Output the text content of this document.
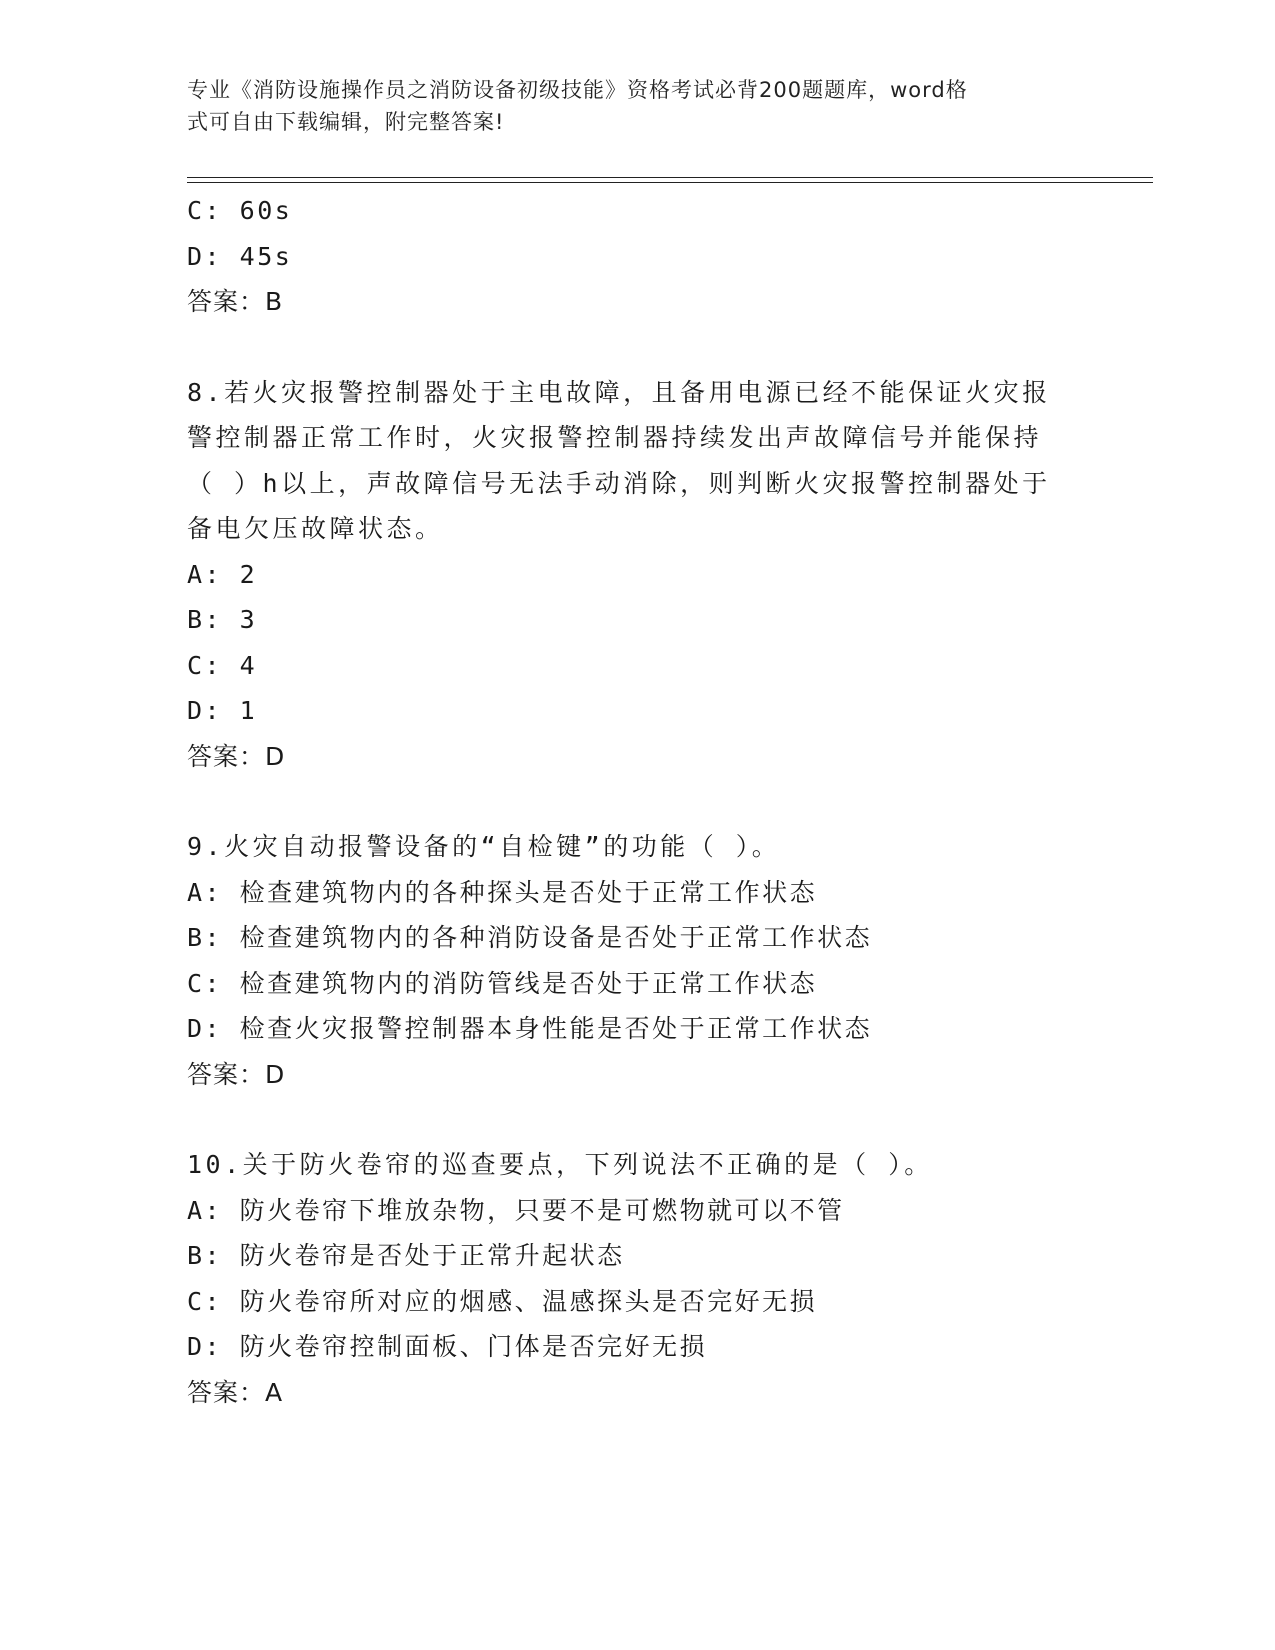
专业《消防设施操作员之消防设备初级技能》资格考试必背200题题库，word格
式可自由下载编辑，附完整答案!

C: 60s

D: 45s

答案：B

8.若火灾报警控制器处于主电故障，且备用电源已经不能保证火灾报

警控制器正常工作时，火灾报警控制器持续发出声故障信号并能保持

（ ）h以上，声故障信号无法手动消除，则判断火灾报警控制器处于

备电欠压故障状态。

A: 2

B: 3

C: 4

D: 1

答案：D

9.火灾自动报警设备的“自检键”的功能（ ）。

A: 检查建筑物内的各种探头是否处于正常工作状态

B: 检查建筑物内的各种消防设备是否处于正常工作状态

C: 检查建筑物内的消防管线是否处于正常工作状态

D: 检查火灾报警控制器本身性能是否处于正常工作状态

答案：D

10.关于防火卷帘的巡查要点，下列说法不正确的是（ ）。

A: 防火卷帘下堆放杂物，只要不是可燃物就可以不管

B: 防火卷帘是否处于正常升起状态

C: 防火卷帘所对应的烟感、温感探头是否完好无损

D: 防火卷帘控制面板、门体是否完好无损

答案：A
